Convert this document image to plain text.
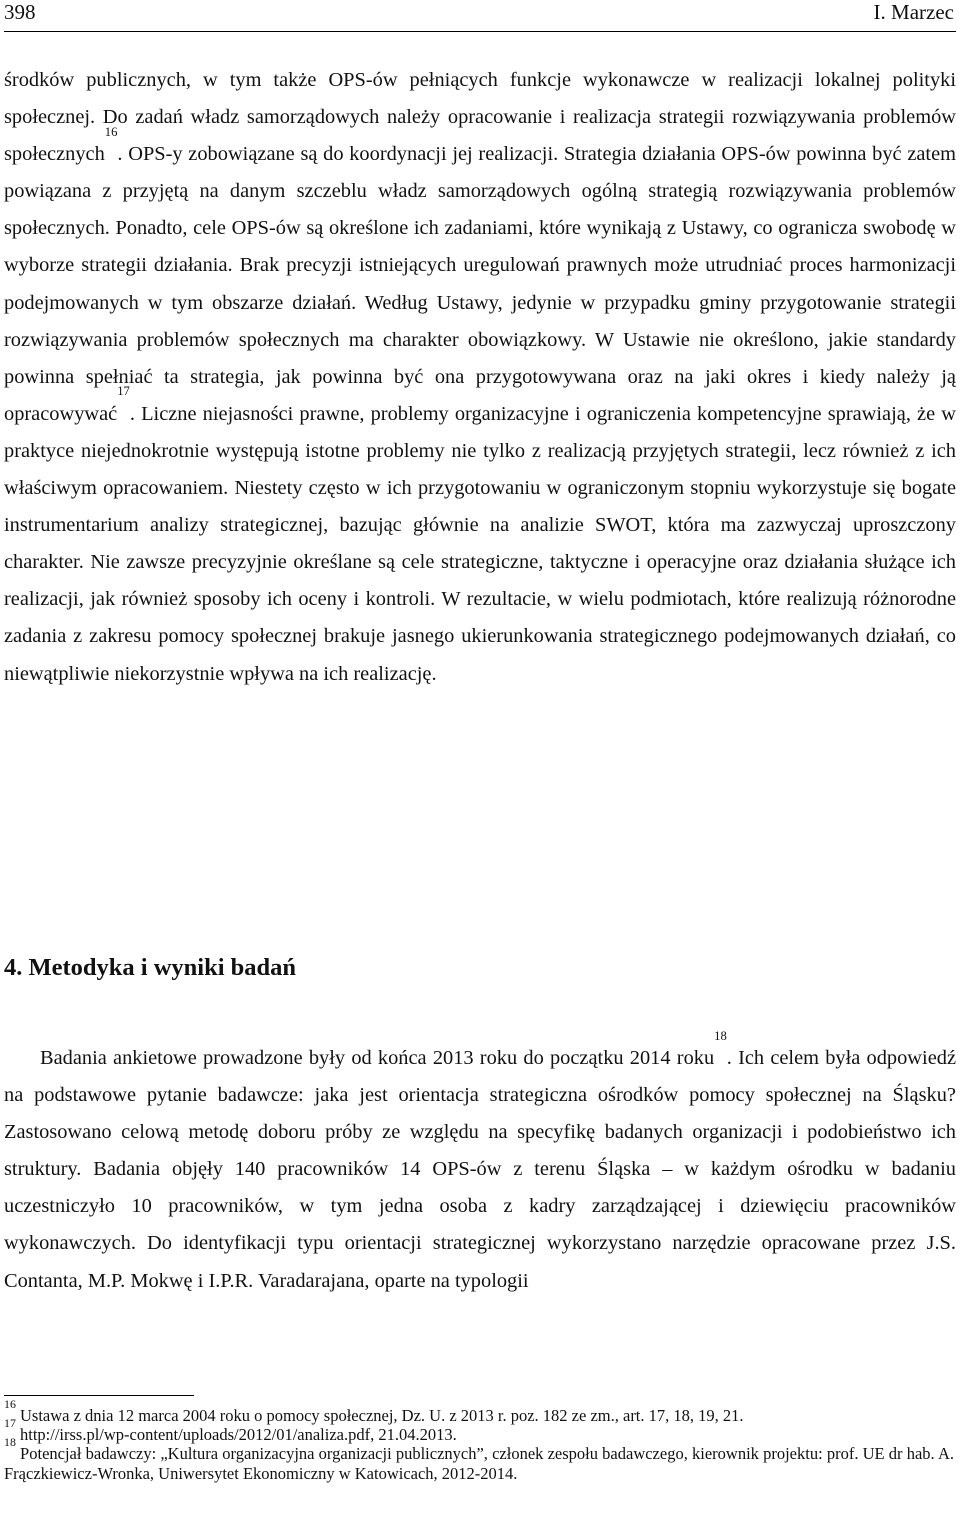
398	I. Marzec

środków publicznych, w tym także OPS-ów pełniących funkcje wykonawcze w realizacji lokalnej polityki społecznej. Do zadań władz samorządowych należy opracowanie i realizacja strategii rozwiązywania problemów społecznych$^{16}$. OPS-y zobowiązane są do koordynacji jej realizacji. Strategia działania OPS-ów powinna być zatem powiązana z przyjętą na danym szczeblu władz samorządowych ogólną strategią rozwiązywania problemów społecznych. Ponadto, cele OPS-ów są określone ich zadaniami, które wynikają z Ustawy, co ogranicza swobodę w wyborze strategii działania. Brak precyzji istniejących uregulowań prawnych może utrudniać proces harmonizacji podejmowanych w tym obszarze działań. Według Ustawy, jedynie w przypadku gminy przygotowanie strategii rozwiązywania problemów społecznych ma charakter obowiązkowy. W Ustawie nie określono, jakie standardy powinna spełniać ta strategia, jak powinna być ona przygotowywana oraz na jaki okres i kiedy należy ją opracowywać$^{17}$. Liczne niejasności prawne, problemy organizacyjne i ograniczenia kompetencyjne sprawiają, że w praktyce niejednokrotnie występują istotne problemy nie tylko z realizacją przyjętych strategii, lecz również z ich właściwym opracowaniem. Niestety często w ich przygotowaniu w ograniczonym stopniu wykorzystuje się bogate instrumentarium analizy strategicznej, bazując głównie na analizie SWOT, która ma zazwyczaj uproszczony charakter. Nie zawsze precyzyjnie określane są cele strategiczne, taktyczne i operacyjne oraz działania służące ich realizacji, jak również sposoby ich oceny i kontroli. W rezultacie, w wielu podmiotach, które realizują różnorodne zadania z zakresu pomocy społecznej brakuje jasnego ukierunkowania strategicznego podejmowanych działań, co niewątpliwie niekorzystnie wpływa na ich realizację.

4. Metodyka i wyniki badań

Badania ankietowe prowadzone były od końca 2013 roku do początku 2014 roku$^{18}$. Ich celem była odpowiedź na podstawowe pytanie badawcze: jaka jest orientacja strategiczna ośrodków pomocy społecznej na Śląsku? Zastosowano celową metodę doboru próby ze względu na specyfikę badanych organizacji i podobieństwo ich struktury. Badania objęły 140 pracowników 14 OPS-ów z terenu Śląska – w każdym ośrodku w badaniu uczestniczyło 10 pracowników, w tym jedna osoba z kadry zarządzającej i dziewięciu pracowników wykonawczych. Do identyfikacji typu orientacji strategicznej wykorzystano narzędzie opracowane przez J.S. Contanta, M.P. Mokwę i I.P.R. Varadarajana, oparte na typologii

$^{16}$ Ustawa z dnia 12 marca 2004 roku o pomocy społecznej, Dz. U. z 2013 r. poz. 182 ze zm., art. 17, 18, 19, 21.

$^{17}$ http://irss.pl/wp-content/uploads/2012/01/analiza.pdf, 21.04.2013.

$^{18}$ Potencjał badawczy: „Kultura organizacyjna organizacji publicznych”, członek zespołu badawczego, kierownik projektu: prof. UE dr hab. A. Frączkiewicz-Wronka, Uniwersytet Ekonomiczny w Katowicach, 2012-2014.
